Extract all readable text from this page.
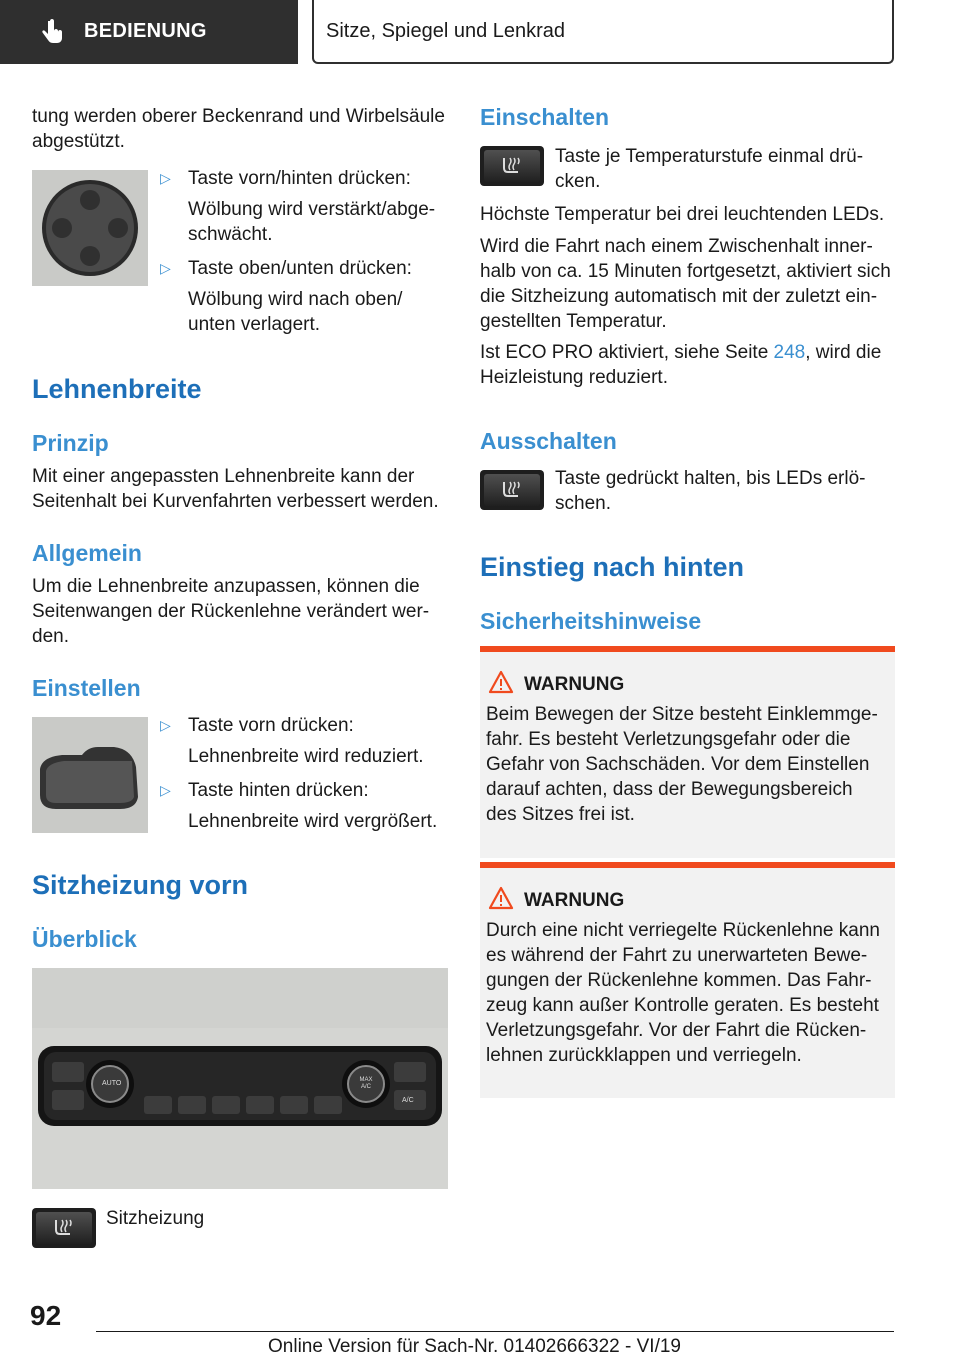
BEDIENUNG	Sitze, Spiegel und Lenkrad

tung werden oberer Beckenrand und Wirbelsäule abgestützt.

▷ Taste vorn/hinten drücken:
Wölbung wird verstärkt/abge-schwächt.
▷ Taste oben/unten drücken:
Wölbung wird nach oben/ unten verlagert.
Lehnenbreite
Prinzip

Mit einer angepassten Lehnenbreite kann der Seitenhalt bei Kurvenfahrten verbessert werden.

Allgemein

Um die Lehnenbreite anzupassen, können die Seitenwangen der Rückenlehne verändert wer-den.

Einstellen
▷ Taste vorn drücken:
Lehnenbreite wird reduziert.
▷ Taste hinten drücken:
Lehnenbreite wird vergrößert.
Sitzheizung vorn
Überblick
AUTO	MAX A/C
A/C
Sitzheizung
Einschalten

Taste je Temperaturstufe einmal drü-cken.

Höchste Temperatur bei drei leuchtenden LEDs.

Wird die Fahrt nach einem Zwischenhalt inner-halb von ca. 15 Minuten fortgesetzt, aktiviert sich die Sitzheizung automatisch mit der zuletzt ein-gestellten Temperatur.

Ist ECO PRO aktiviert, siehe Seite 248, wird die Heizleistung reduziert.

Ausschalten

Taste gedrückt halten, bis LEDs erlö-schen.

Einstieg nach hinten
Sicherheitshinweise
WARNUNG
Beim Bewegen der Sitze besteht Einklemmge-fahr. Es besteht Verletzungsgefahr oder die Gefahr von Sachschäden. Vor dem Einstellen darauf achten, dass der Bewegungsbereich des Sitzes frei ist.
WARNUNG
Durch eine nicht verriegelte Rückenlehne kann es während der Fahrt zu unerwarteten Bewe-gungen der Rückenlehne kommen. Das Fahr-zeug kann außer Kontrolle geraten. Es besteht Verletzungsgefahr. Vor der Fahrt die Rücken-lehnen zurückklappen und verriegeln.
92
Online Version für Sach-Nr. 01402666322 - VI/19
